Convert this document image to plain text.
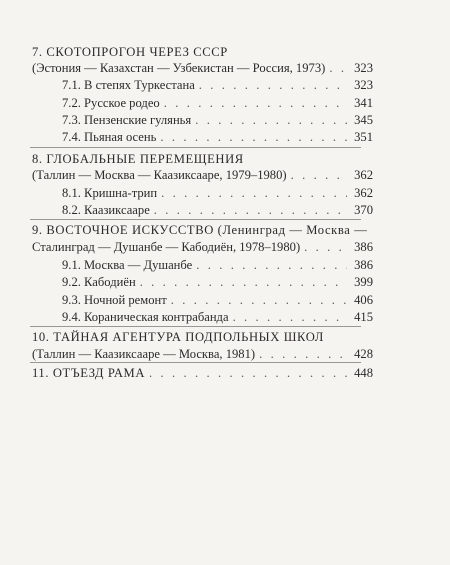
7. СКОТОПРОГОН ЧЕРЕЗ СССР
(Эстония — Казахстан — Узбекистан — Россия, 1973) . . . 323
7.1. В степях Туркестана . . .	323
7.2. Русское родео . . .	341
7.3. Пензенские гулянья . . .	345
7.4. Пьяная осень . . .	351
8. ГЛОБАЛЬНЫЕ ПЕРЕМЕЩЕНИЯ
(Таллин — Москва — Каазиксааре, 1979–1980) . . .	362
8.1. Кришна-трип . . .	362
8.2. Каазиксааре . . .	370
9. ВОСТОЧНОЕ ИСКУССТВО (Ленинград — Москва —
Сталинград — Душанбе — Кабодиён, 1978–1980) . . .	386
9.1. Москва — Душанбе . . .	386
9.2. Кабодиён . . .	399
9.3. Ночной ремонт . . .	406
9.4. Кораническая контрабанда . . .	415
10. ТАЙНАЯ АГЕНТУРА ПОДПОЛЬНЫХ ШКОЛ
(Таллин — Каазиксааре — Москва, 1981) . . .	428
11. ОТЪЕЗД РАМА . . .	448
